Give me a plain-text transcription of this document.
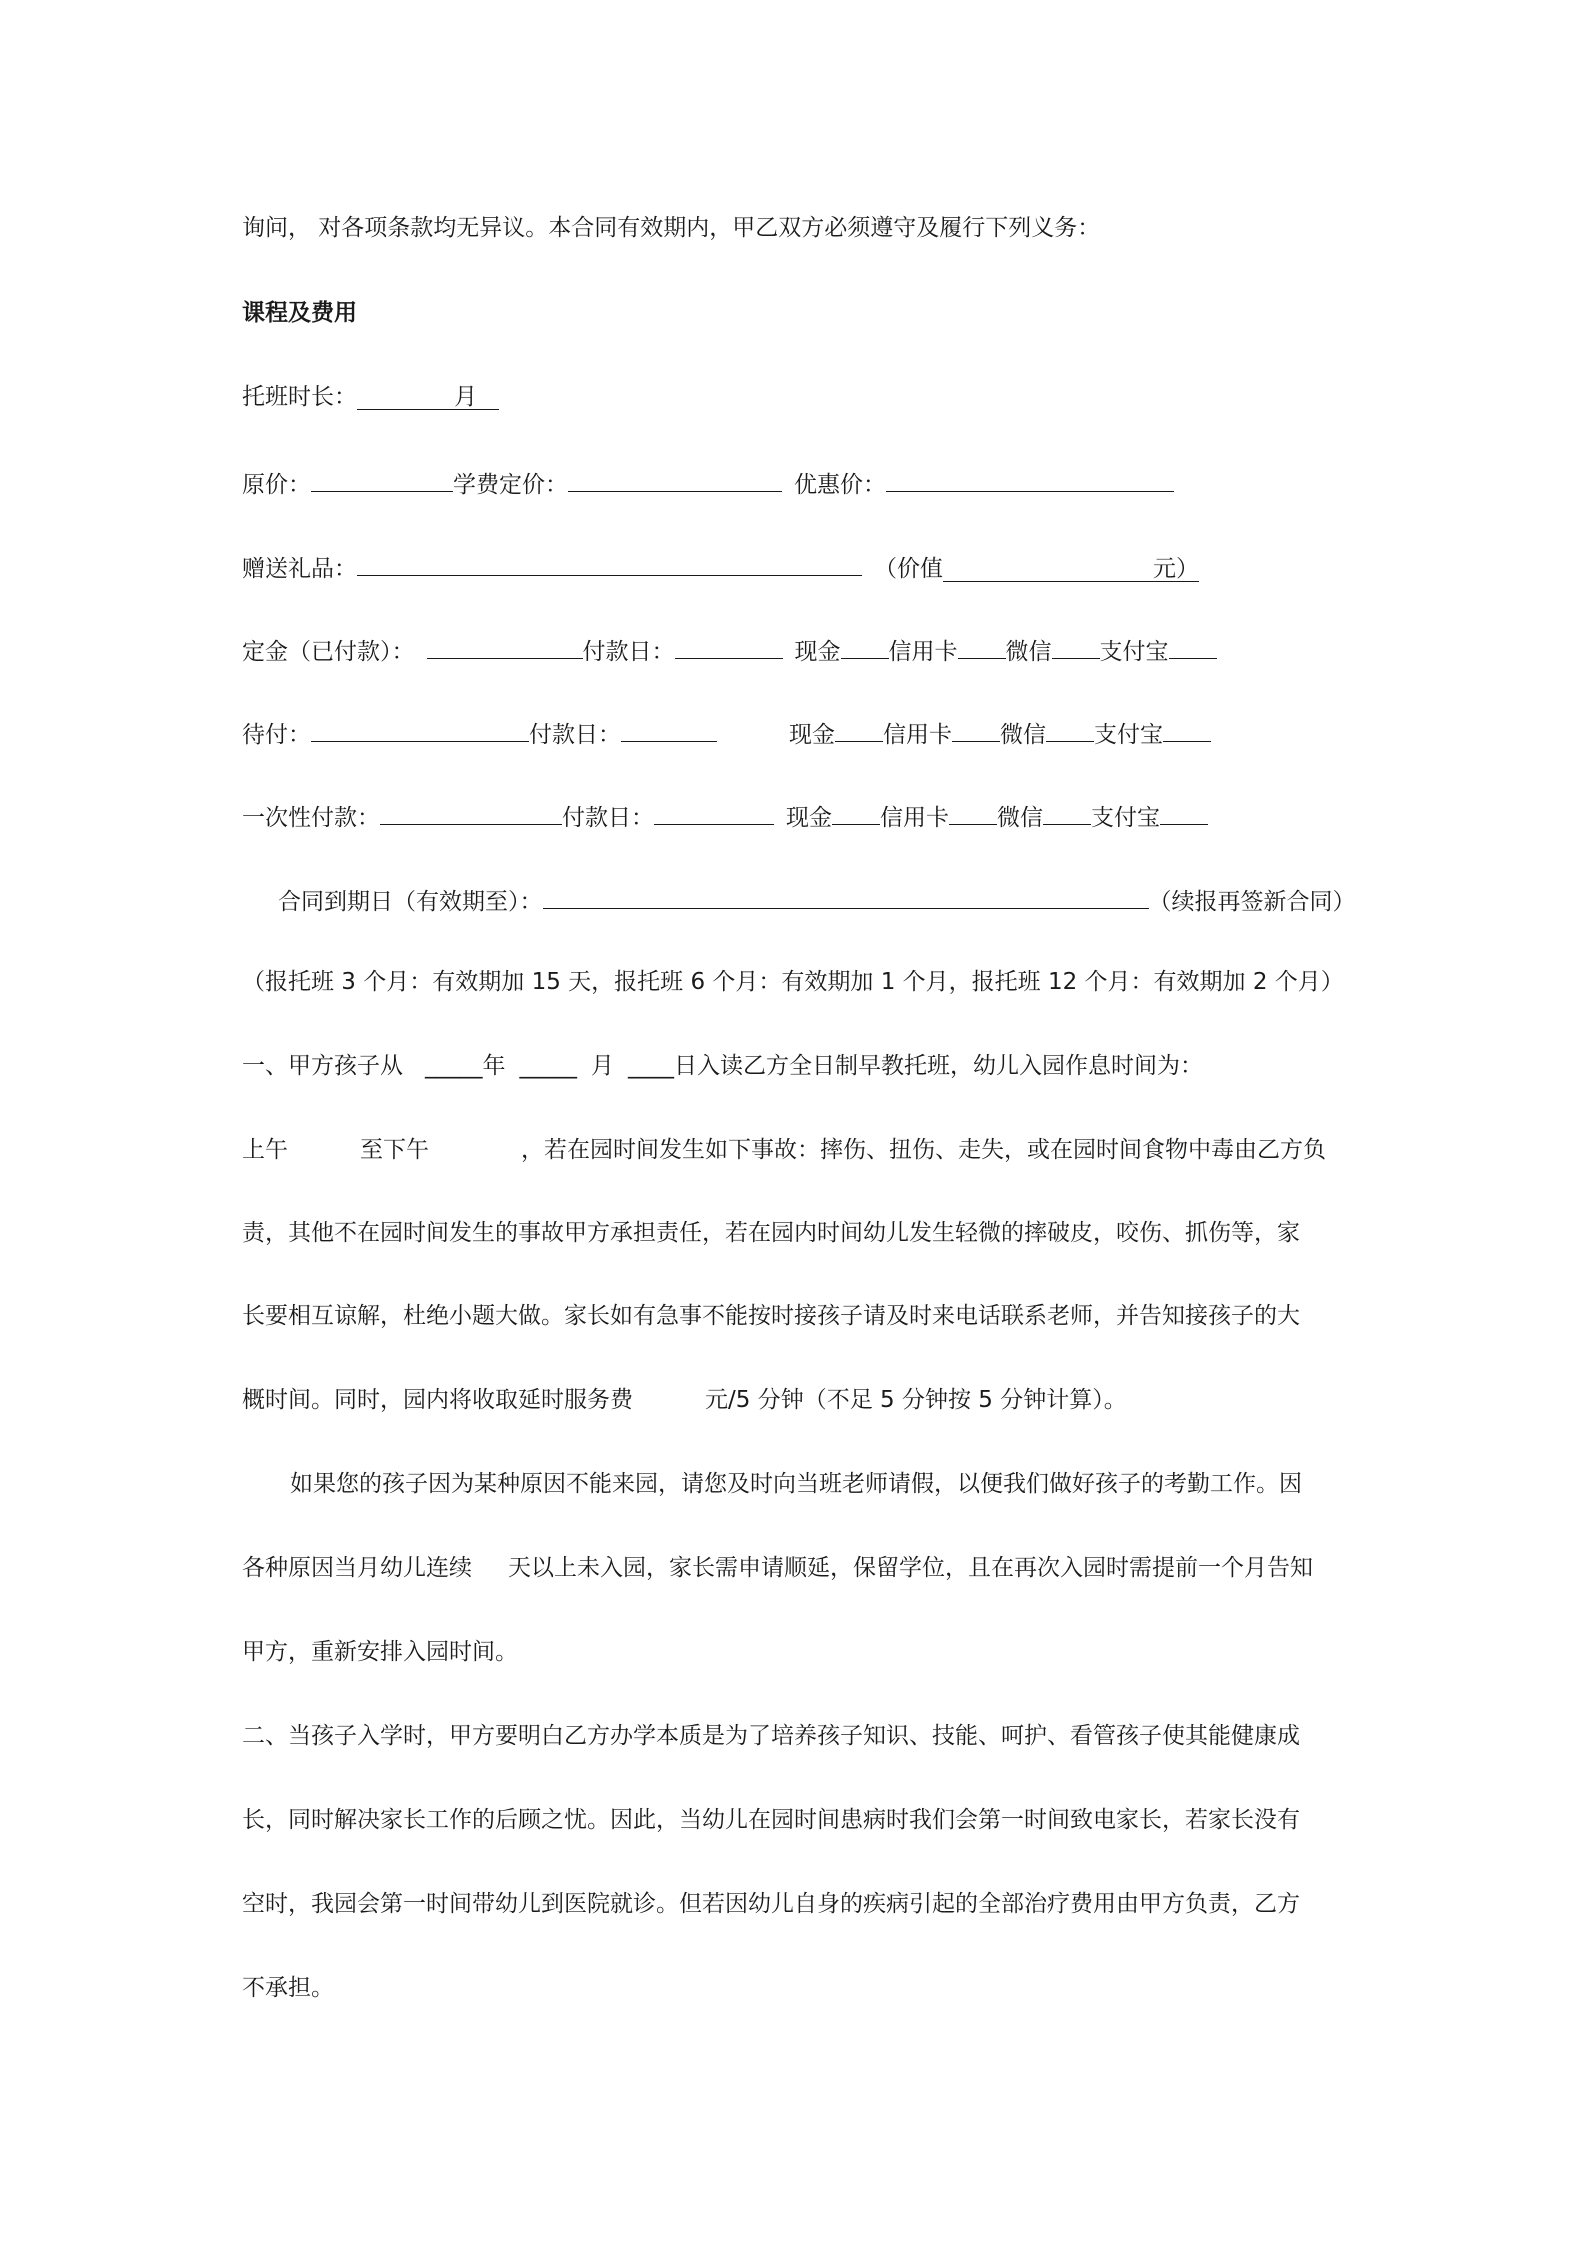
询问， 对各项条款均无异议。本合同有效期内，甲乙双方必须遵守及履行下列义务：
课程及费用
托班时长：	月
原价：	学费定价：	优惠价：
赠送礼品：	（价值	元）
定金（已付款）：	付款日：	现金 信用卡 微信 支付宝
待付：	付款日：	现金 信用卡 微信 支付宝
一次性付款：	付款日：	现金 信用卡 微信 支付宝
合同到期日（有效期至）：	（续报再签新合同）
（报托班 3 个月：有效期加 15 天，报托班 6 个月：有效期加 1 个月，报托班 12 个月：有效期加 2 个月）
一、甲方孩子从 _____年 _____ 月 ____日入读乙方全日制早教托班，幼儿入园作息时间为：
上午	至下午	，若在园时间发生如下事故：摔伤、扭伤、走失，或在园时间食物中毒由乙方负
责，其他不在园时间发生的事故甲方承担责任，若在园内时间幼儿发生轻微的摔破皮，咬伤、抓伤等，家
长要相互谅解，杜绝小题大做。家长如有急事不能按时接孩子请及时来电话联系老师，并告知接孩子的大
概时间。同时，园内将收取延时服务费	元/5 分钟（不足 5 分钟按 5 分钟计算）。
如果您的孩子因为某种原因不能来园，请您及时向当班老师请假，以便我们做好孩子的考勤工作。因
各种原因当月幼儿连续 天以上未入园，家长需申请顺延，保留学位，且在再次入园时需提前一个月告知
甲方，重新安排入园时间。
二、当孩子入学时，甲方要明白乙方办学本质是为了培养孩子知识、技能、呵护、看管孩子使其能健康成
长，同时解决家长工作的后顾之忧。因此，当幼儿在园时间患病时我们会第一时间致电家长，若家长没有
空时，我园会第一时间带幼儿到医院就诊。但若因幼儿自身的疾病引起的全部治疗费用由甲方负责，乙方
不承担。
